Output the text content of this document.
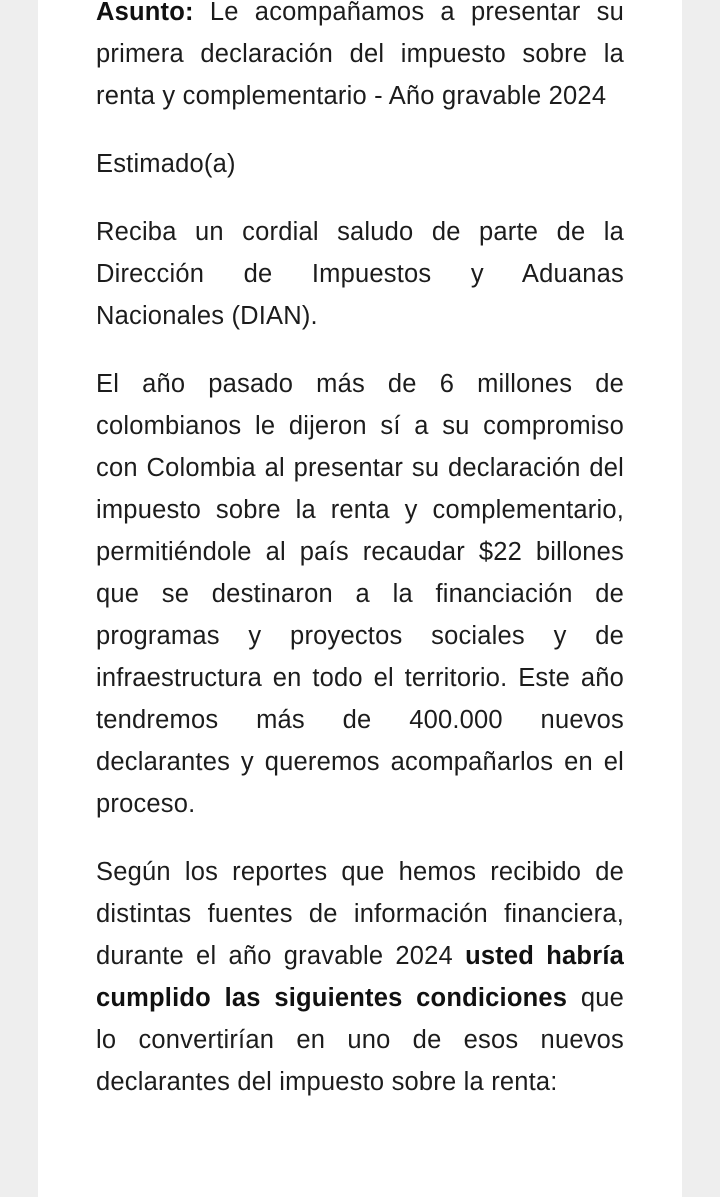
Asunto: Le acompañamos a presentar su primera declaración del impuesto sobre la renta y complementario - Año gravable 2024

Estimado(a)

Reciba un cordial saludo de parte de la Dirección de Impuestos y Aduanas Nacionales (DIAN).

El año pasado más de 6 millones de colombianos le dijeron sí a su compromiso con Colombia al presentar su declaración del impuesto sobre la renta y complementario, permitiéndole al país recaudar $22 billones que se destinaron a la financiación de programas y proyectos sociales y de infraestructura en todo el territorio. Este año tendremos más de 400.000 nuevos declarantes y queremos acompañarlos en el proceso.

Según los reportes que hemos recibido de distintas fuentes de información financiera, durante el año gravable 2024 usted habría cumplido las siguientes condiciones que lo convertirían en uno de esos nuevos declarantes del impuesto sobre la renta:
